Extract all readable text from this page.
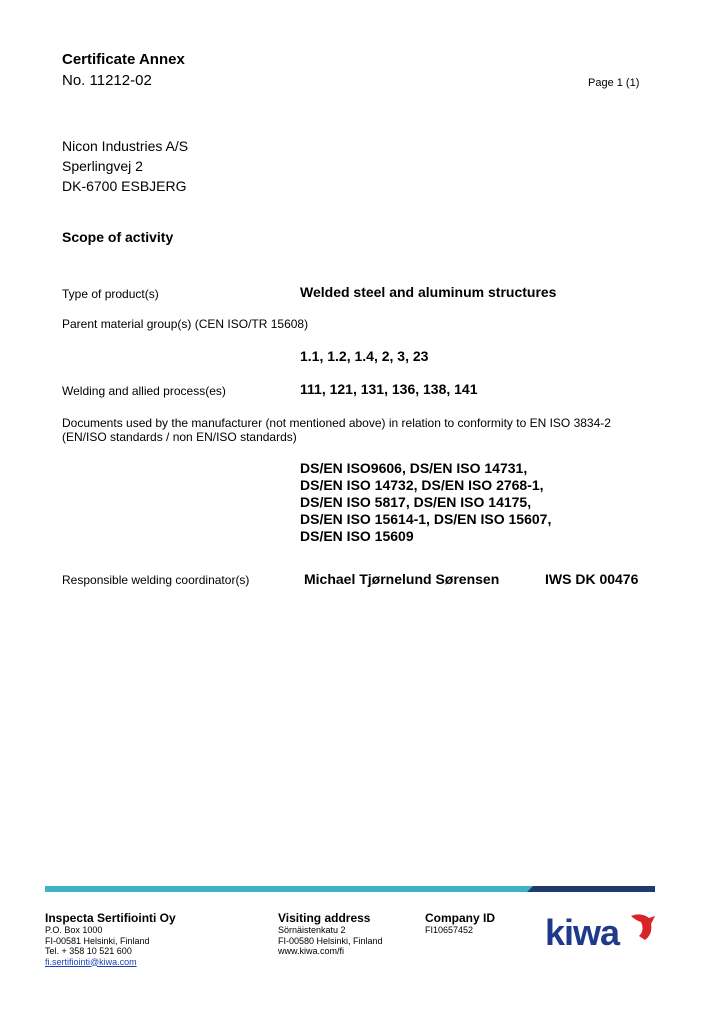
Certificate Annex
No. 11212-02	Page 1 (1)
Nicon Industries A/S
Sperlingvej 2
DK-6700 ESBJERG
Scope of activity
Type of product(s)	Welded steel and aluminum structures
Parent material group(s) (CEN ISO/TR 15608)
1.1, 1.2, 1.4, 2, 3, 23
Welding and allied process(es)	111, 121, 131, 136, 138, 141
Documents used by the manufacturer (not mentioned above) in relation to conformity to EN ISO 3834-2
(EN/ISO standards / non EN/ISO standards)
DS/EN ISO9606, DS/EN ISO 14731,
DS/EN ISO 14732, DS/EN ISO 2768-1,
DS/EN ISO 5817, DS/EN ISO 14175,
DS/EN ISO 15614-1, DS/EN ISO 15607,
DS/EN ISO 15609
Responsible welding coordinator(s)	Michael Tjørnelund Sørensen	IWS DK 00476
Inspecta Sertifiointi Oy
P.O. Box 1000
FI-00581 Helsinki, Finland
Tel. + 358 10 521 600
fi.sertifiointi@kiwa.com
Visiting address
Sörnäistenkatu 2
FI-00580 Helsinki, Finland
www.kiwa.com/fi
Company ID
FI10657452	kiwa
